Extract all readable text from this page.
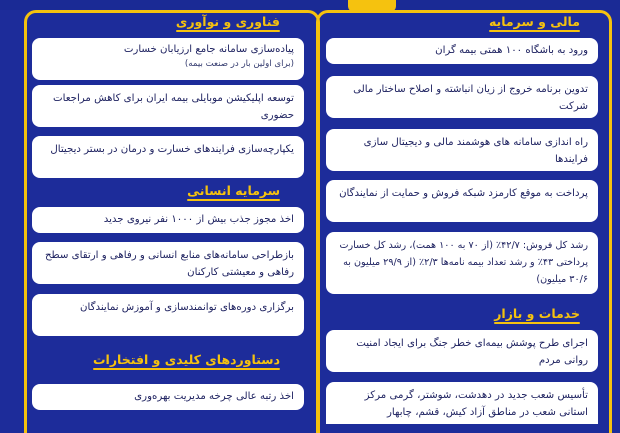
مالی و سرمایه
ورود به باشگاه ۱۰۰ همتی بیمه گران
تدوین برنامه خروج از زیان انباشته و اصلاح ساختار مالی شرکت
راه اندازی سامانه های هوشمند مالی و دیجیتال سازی فرایندها
پرداخت به موقع کارمزد شبکه فروش و حمایت از نمایندگان
رشد کل فروش: ۴۲/۷٪ (از ۷۰ به ۱۰۰ همت)، رشد کل خسارت پرداختی ۴۳٪ و رشد تعداد بیمه نامه‌ها ۲/۳٪ (از ۲۹/۹ میلیون به ۳۰/۶ میلیون)
خدمات و بازار
اجرای طرح پوشش بیمه‌ای خطر جنگ برای ایجاد امنیت روانی مردم
تأسیس شعب جدید در دهدشت، شوشتر، گرمی مرکز استانی شعب در مناطق آزاد کیش، قشم، چابهار
فناوری و نوآوری
پیاده‌سازی سامانه جامع ارزیابان خسارت
(برای اولین بار در صنعت بیمه)
توسعه اپلیکیشن موبایلی بیمه ایران برای کاهش مراجعات حضوری
یکپارچه‌سازی فرایندهای خسارت و درمان در بستر دیجیتال
سرمایه انسانی
اخذ مجوز جذب بیش از ۱۰۰۰ نفر نیروی جدید
بازطراحی سامانه‌های منابع انسانی و رفاهی و ارتقای سطح رفاهی و معیشتی کارکنان
برگزاری دوره‌های توانمندسازی و آموزش نمایندگان
دستاوردهای کلیدی و افتخارات
اخذ رتبه عالی چرخه مدیریت بهره‌وری
